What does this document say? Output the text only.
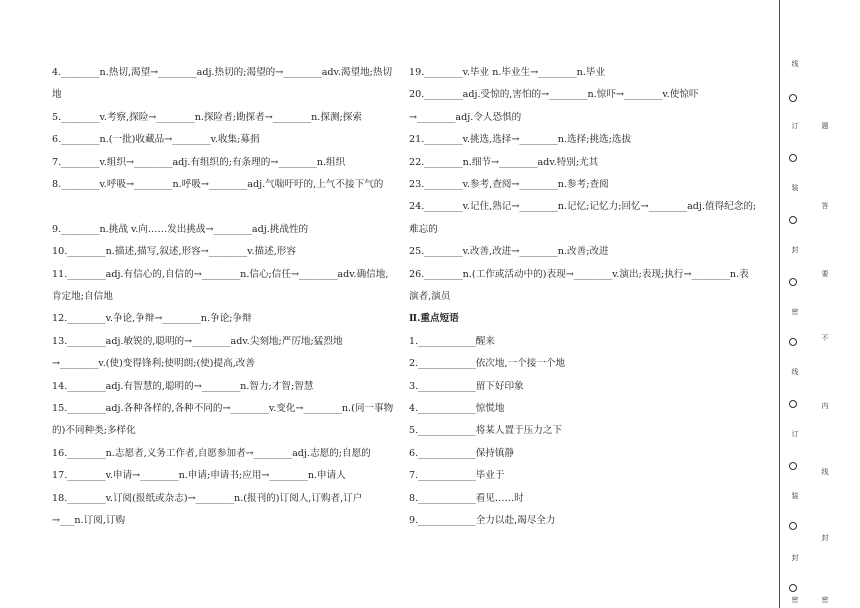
4.________n.热切,渴望→________adj.热切的;渴望的→________adv.渴望地;热切地
5.________v.考察,探险→________n.探险者;勘探者→________n.探测;探索
6.________n.(一批)收藏品→________v.收集;募捐
7.________v.组织→________adj.有组织的;有条理的→________n.组织
8.________v.呼吸→________n.呼吸→________adj.气喘吁吁的,上气不接下气的
9.________n.挑战 v.向……发出挑战→________adj.挑战性的
10.________n.描述,描写,叙述,形容→________v.描述,形容
11.________adj.有信心的,自信的→________n.信心;信任→________adv.确信地,肯定地;自信地
12.________v.争论,争辩→________n.争论;争辩
13.________adj.敏锐的,聪明的→________adv.尖刻地;严厉地;猛烈地→________v.(使)变得锋利;使明朗;(使)提高,改善
14.________adj.有智慧的,聪明的→________n.智力;才智;智慧
15.________adj.各种各样的,各种不同的→________v.变化→________n.(同一事物的)不同种类;多样化
16.________n.志愿者,义务工作者,自愿参加者→________adj.志愿的;自愿的
17.________v.申请→________n.申请;申请书;应用→________n.申请人
18.________v.订阅(报纸或杂志)→________n.(报刊的)订阅人,订购者,订户→___n.订阅,订购
19.________v.毕业 n.毕业生→________n.毕业
20.________adj.受惊的,害怕的→________n.惊吓→________v.使惊吓→________adj.令人恐惧的
21.________v.挑选,选择→________n.选择;挑选;选拔
22.________n.细节→________adv.特别;尤其
23.________v.参考,查阅→________n.参考;查阅
24.________v.记住,熟记→________n.记忆;记忆力;回忆→________adj.值得纪念的;难忘的
25.________v.改善,改进→________n.改善;改进
26.________n.(工作或活动中的)表现→________v.演出;表现;执行→________n.表演者,演员
Ⅱ.重点短语
1.____________醒来
2.____________依次地,一个接一个地
3.____________留下好印象
4.____________惊慌地
5.____________将某人置于压力之下
6.____________保持镇静
7.____________毕业于
8.____________看见……时
9.____________全力以赴,竭尽全力
线
订
装
封
密
线
订
装
封
密
题
答
要
不
内
线
封
密
